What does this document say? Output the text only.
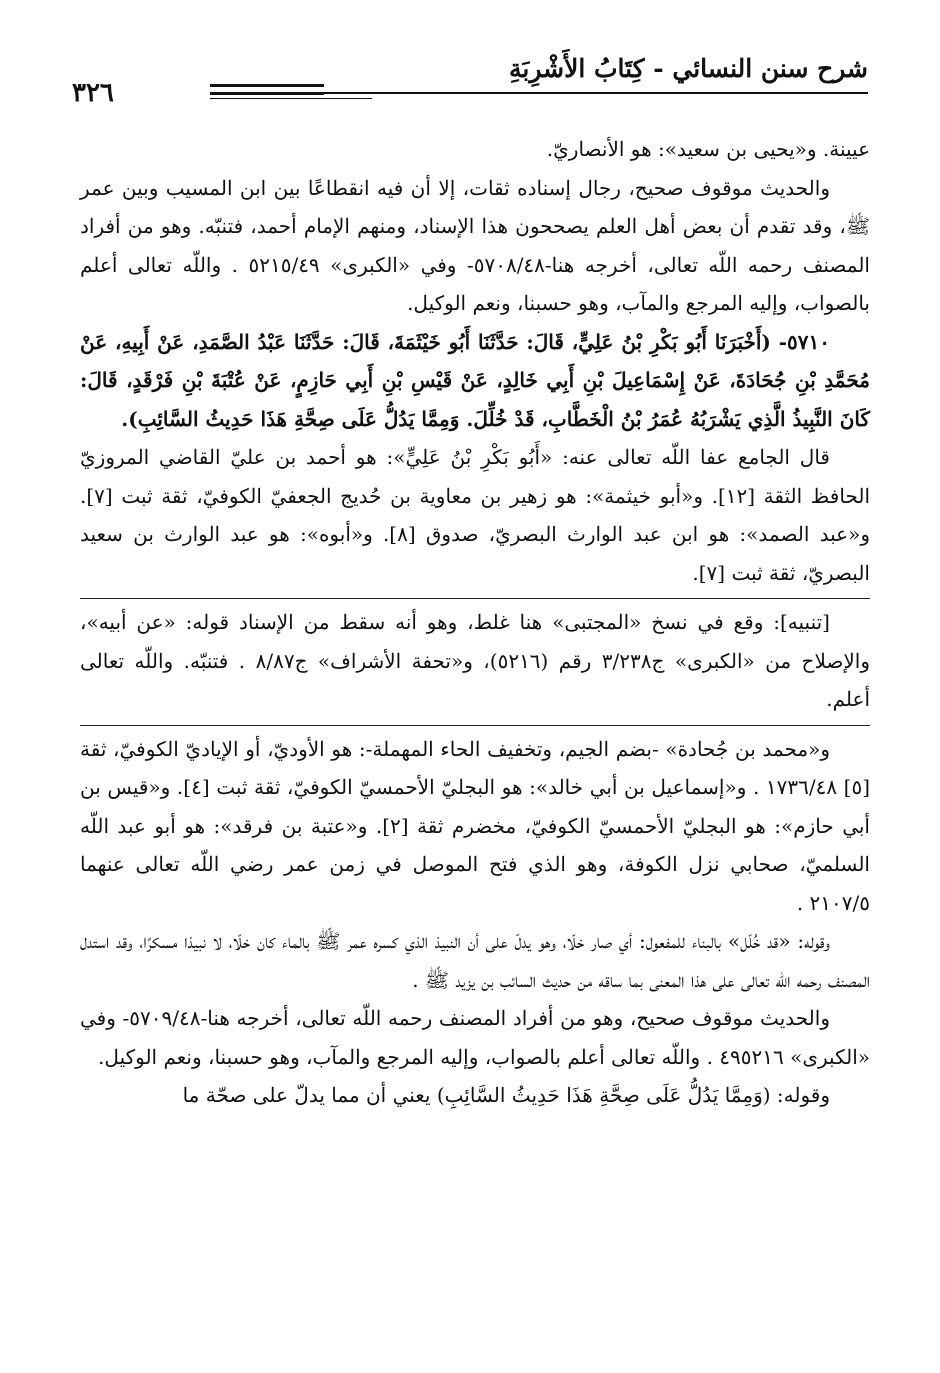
شرح سنن النسائي - كِتَابُ الأَشْرِبَةِ
٣٢٦

عيينة. و«يحيى بن سعيد»: هو الأنصاريّ.

والحديث موقوف صحيح، رجال إسناده ثقات، إلا أن فيه انقطاعًا بين ابن المسيب وبين عمر ﷺ، وقد تقدم أن بعض أهل العلم يصححون هذا الإسناد، ومنهم الإمام أحمد، فتنبّه. وهو من أفراد المصنف رحمه اللّه تعالى، أخرجه هنا-٥٧٠٨/٤٨- وفي «الكبرى» ٥٢١٥/٤٩ . واللّه تعالى أعلم بالصواب، وإليه المرجع والمآب، وهو حسبنا، ونعم الوكيل.

٥٧١٠- (أَخْبَرَنَا أَبُو بَكْرِ بْنُ عَلِيٍّ، قَالَ: حَدَّثَنَا أَبُو خَيْثَمَةَ، قَالَ: حَدَّثَنَا عَبْدُ الصَّمَدِ، عَنْ أَبِيهِ، عَنْ مُحَمَّدِ بْنِ جُحَادَةَ، عَنْ إِسْمَاعِيلَ بْنِ أَبِي خَالِدٍ، عَنْ قَيْسِ بْنِ أَبِي حَازِمٍ، عَنْ عُتْبَةَ بْنِ فَرْقَدٍ، قَالَ: كَانَ النَّبِيذُ الَّذِي يَشْرَبُهُ عُمَرُ بْنُ الْخَطَّابِ، قَدْ خُلِّلَ. وَمِمَّا يَدُلُّ عَلَى صِحَّةِ هَذَا حَدِيثُ السَّائِبِ).

قال الجامع عفا اللّه تعالى عنه: «أَبُو بَكْرِ بْنُ عَلِيٍّ»: هو أحمد بن عليّ القاضي المروزيّ الحافظ الثقة [١٢]. و«أبو خيثمة»: هو زهير بن معاوية بن حُديج الجعفيّ الكوفيّ، ثقة ثبت [٧]. و«عبد الصمد»: هو ابن عبد الوارث البصريّ، صدوق [٨]. و«أبوه»: هو عبد الوارث بن سعيد البصريّ، ثقة ثبت [٧].

[تنبيه]: وقع في نسخ «المجتبى» هنا غلط، وهو أنه سقط من الإسناد قوله: «عن أبيه»، والإصلاح من «الكبرى» ج٣/٢٣٨ رقم (٥٢١٦)، و«تحفة الأشراف» ج٨/٨٧ . فتنبّه. واللّه تعالى أعلم.

و«محمد بن جُحادة» -بضم الجيم، وتخفيف الحاء المهملة-: هو الأوديّ، أو الإياديّ الكوفيّ، ثقة [٥] ١٧٣٦/٤٨ . و«إسماعيل بن أبي خالد»: هو البجليّ الأحمسيّ الكوفيّ، ثقة ثبت [٤]. و«قيس بن أبي حازم»: هو البجليّ الأحمسيّ الكوفيّ، مخضرم ثقة [٢]. و«عتبة بن فرقد»: هو أبو عبد اللّه السلميّ، صحابي نزل الكوفة، وهو الذي فتح الموصل في زمن عمر رضي اللّه تعالى عنهما ٢١٠٧/٥ .

وقوله: «قد خُلّل» بالبناء للمفعول: أي صار خلّا، وهو يدلّ على أن النبيذ الذي كسره عمر ﷺ بالماء كان خلّا، لا نبيذا مسكرًا، وقد استدل المصنف رحمه اللّه تعالى على هذا المعنى بما ساقه من حديث السائب بن يزيد ﷺ .

والحديث موقوف صحيح، وهو من أفراد المصنف رحمه اللّه تعالى، أخرجه هنا-٥٧٠٩/٤٨- وفي «الكبرى» ٤٩٥٢١٦ . واللّه تعالى أعلم بالصواب، وإليه المرجع والمآب، وهو حسبنا، ونعم الوكيل.

وقوله: (وَمِمَّا يَدُلُّ عَلَى صِحَّةِ هَذَا حَدِيثُ السَّائِبِ) يعني أن مما يدلّ على صحّة ما
